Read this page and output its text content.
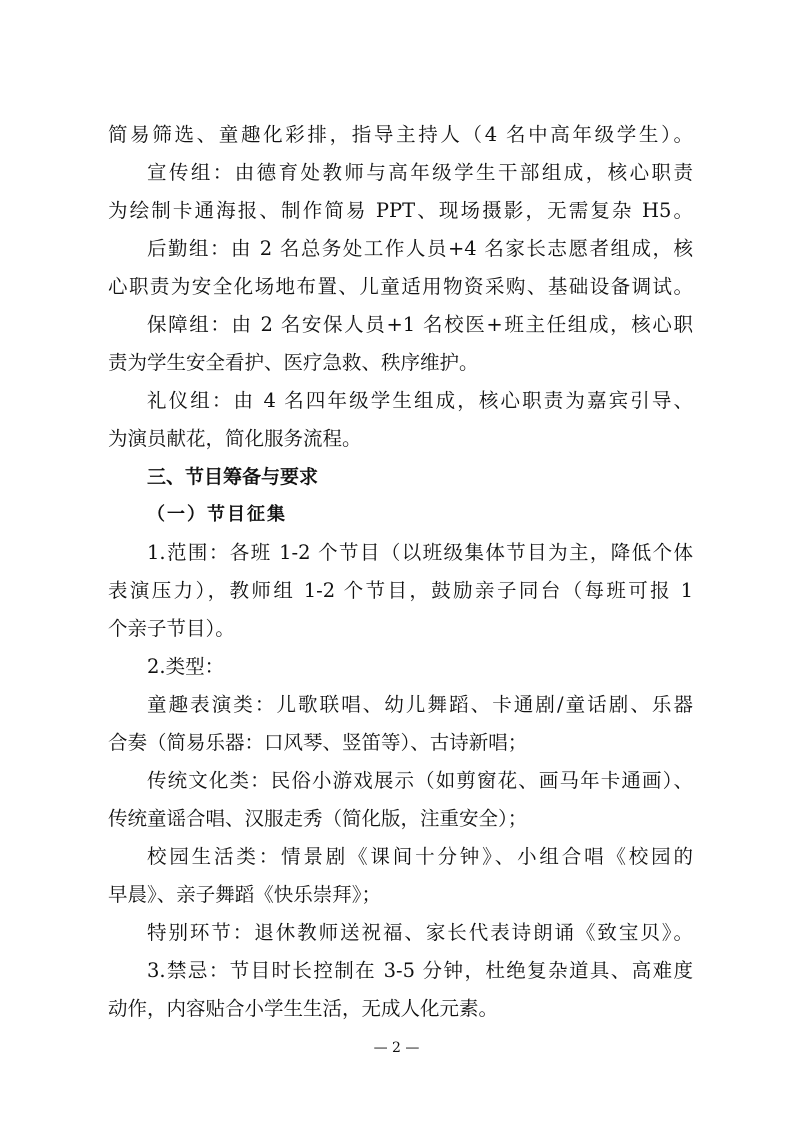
简易筛选、童趣化彩排，指导主持人（4 名中高年级学生）。
宣传组：由德育处教师与高年级学生干部组成，核心职责
为绘制卡通海报、制作简易 PPT、现场摄影，无需复杂 H5。
后勤组：由 2 名总务处工作人员+4 名家长志愿者组成，核
心职责为安全化场地布置、儿童适用物资采购、基础设备调试。
保障组：由 2 名安保人员+1 名校医+班主任组成，核心职
责为学生安全看护、医疗急救、秩序维护。
礼仪组：由 4 名四年级学生组成，核心职责为嘉宾引导、
为演员献花，简化服务流程。
三、节目筹备与要求
（一）节目征集
1.范围：各班 1-2 个节目（以班级集体节目为主，降低个体
表演压力），教师组 1-2 个节目，鼓励亲子同台（每班可报 1
个亲子节目）。
2.类型：
童趣表演类：儿歌联唱、幼儿舞蹈、卡通剧/童话剧、乐器
合奏（简易乐器：口风琴、竖笛等）、古诗新唱；
传统文化类：民俗小游戏展示（如剪窗花、画马年卡通画）、
传统童谣合唱、汉服走秀（简化版，注重安全）；
校园生活类：情景剧《课间十分钟》、小组合唱《校园的
早晨》、亲子舞蹈《快乐崇拜》；
特别环节：退休教师送祝福、家长代表诗朗诵《致宝贝》。
3.禁忌：节目时长控制在 3-5 分钟，杜绝复杂道具、高难度
动作，内容贴合小学生生活，无成人化元素。
— 2 —
